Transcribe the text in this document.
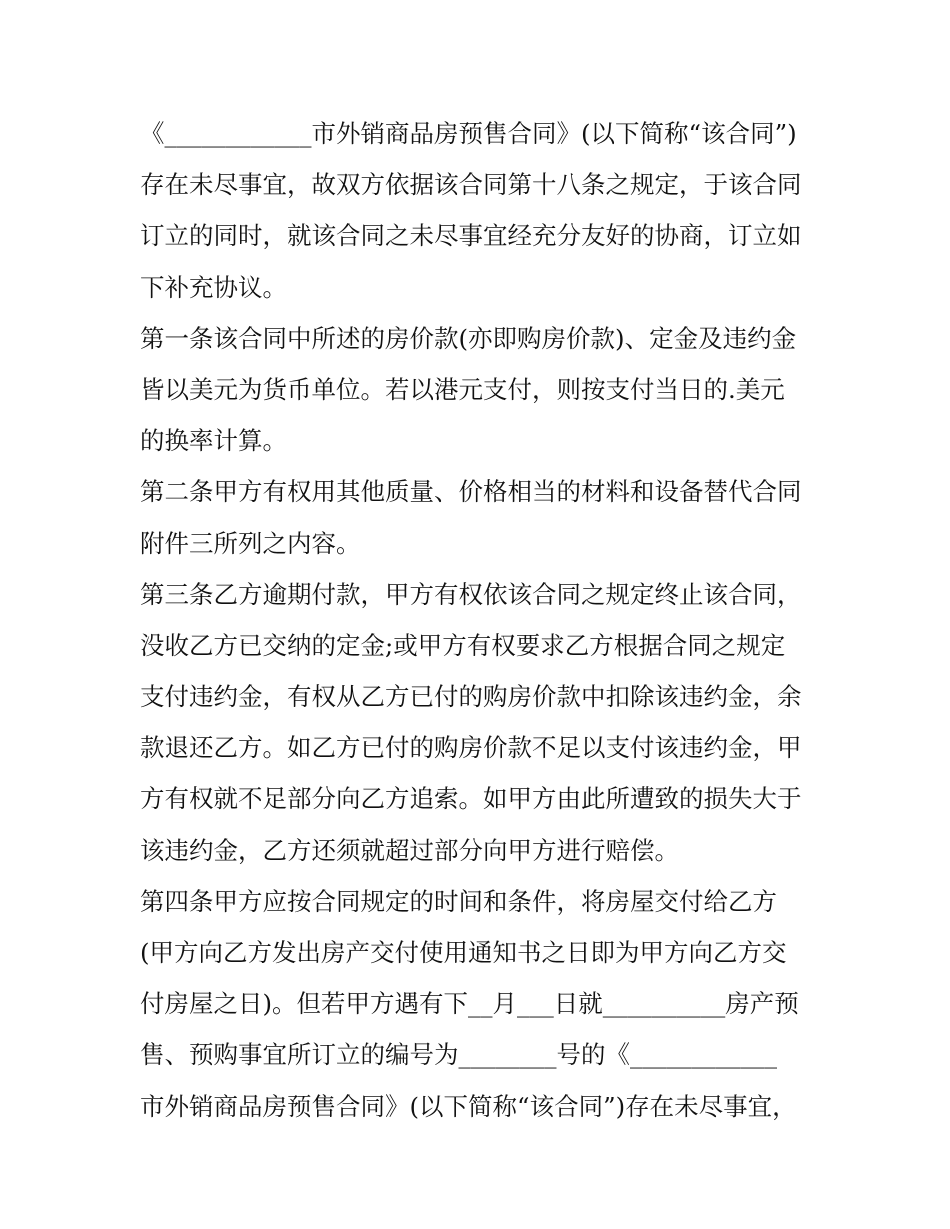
《____________市外销商品房预售合同》(以下简称“该合同”)
存在未尽事宜，故双方依据该合同第十八条之规定，于该合同
订立的同时，就该合同之未尽事宜经充分友好的协商，订立如
下补充协议。
第一条该合同中所述的房价款(亦即购房价款)、定金及违约金
皆以美元为货币单位。若以港元支付，则按支付当日的.美元
的换率计算。
第二条甲方有权用其他质量、价格相当的材料和设备替代合同
附件三所列之内容。
第三条乙方逾期付款，甲方有权依该合同之规定终止该合同，
没收乙方已交纳的定金;或甲方有权要求乙方根据合同之规定
支付违约金，有权从乙方已付的购房价款中扣除该违约金，余
款退还乙方。如乙方已付的购房价款不足以支付该违约金，甲
方有权就不足部分向乙方追索。如甲方由此所遭致的损失大于
该违约金，乙方还须就超过部分向甲方进行赔偿。
第四条甲方应按合同规定的时间和条件，将房屋交付给乙方
(甲方向乙方发出房产交付使用通知书之日即为甲方向乙方交
付房屋之日)。但若甲方遇有下__月___日就__________房产预
售、预购事宜所订立的编号为________号的《____________
市外销商品房预售合同》(以下简称“该合同”)存在未尽事宜，
